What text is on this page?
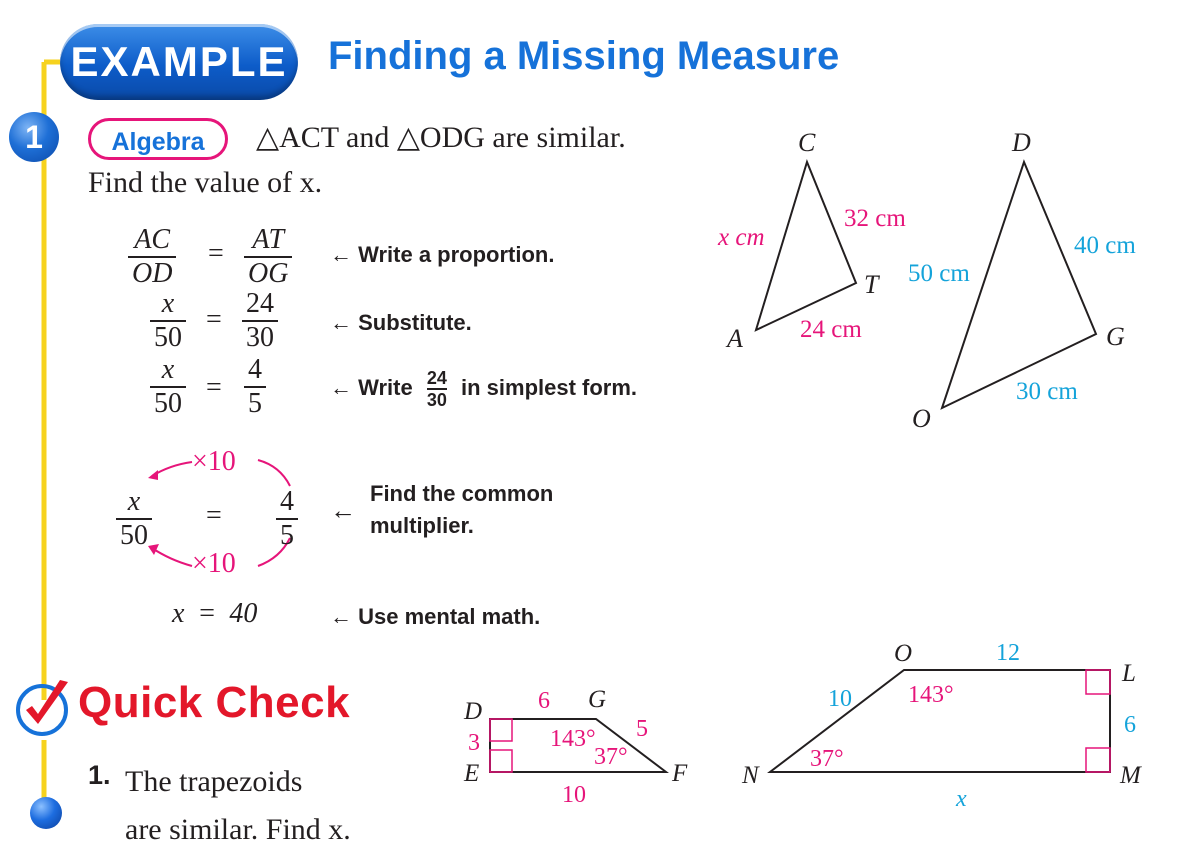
EXAMPLE Finding a Missing Measure
1	Algebra	△ACT and △ODG are similar.
Find the value of x.
$\frac{AC}{OD} = \frac{AT}{OG}$ ← Write a proportion.
$\frac{x}{50} = \frac{24}{30}$ ← Substitute.
$\frac{x}{50} = \frac{4}{5}$	← Write $\frac{24}{30}$ in simplest form.
×10
×10
$\frac{x}{50} = \frac{4}{5}$ ←
Find the common
multiplier.
x = 40	← Use mental math.
C
A
T
x cm
32 cm
24 cm
D
O
G
50 cm
40 cm
30 cm
Quick Check
1. The trapezoids
are similar. Find x.
D	G
E	F
6
3
5
10
143°
37°
O
L
M
N
12
10
6
x
143°
37°
